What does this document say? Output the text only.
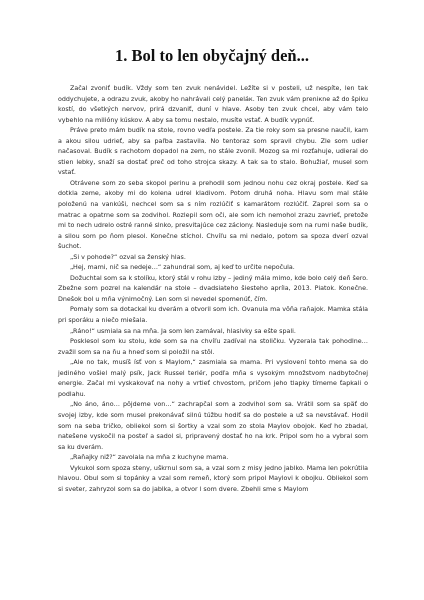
1. Bol to len obyčajný deň...

Začal zvoniť budík. Vždy som ten zvuk nenávidel. Ležíte si v posteli, už nespíte, len tak oddychujete, a odrazu zvuk, akoby ho nahrávali celý paneláк. Ten zvuk vám preniкne až do špiku kostí, do všetkých nervov, prirá dzvaniť, duní v hlave. Asoby ten zvuk chcel, aby vám telo vybehlo na milióny kúskov. A aby sa tomu nestalo, musíte vstať. A budík vypnúť.

Práve preto mám budík na stole, rovno vedľa postele. Za tie roky som sa presne naučil, kam a akou silou udrieť, aby sa paľba zastavila. No tentoraz som spravil chybu. Zle som udier načasoval. Budík s rachotom dopadol na zem, no stále zvonil. Mozog sa mi rozťahuje, udieral do stien lebky, snaží sa dostať preč od toho strojca skazy. A tak sa to stalo. Bohužiaľ, musel som vstať.

Otrávene som zo seba skopol perinu a prehodil som jednou nohu cez okraj postele. Keď sa dotkla zeme, akoby mi do kolena udrel kladivom. Potom druhá noha. Hlavu som mal stále položenú na vankúši, nechcel som sa s ním rozlúčiť s kamarátom rozlúčiť. Zaprel som sa o matrac a opatrne som sa zodvihol. Rozlepil som oči, ale som ich nemohol zrazu zavrieť, pretože mi to nech udrelo ostré ranné slnko, presvitajúce cez záclony. Nasleduje som na rumi naše budík, a silou som po ňom plesol. Konečne stíchol. Chvíľu sa mi nedalo, potom sa spoza dverí ozval šuchot.

„Si v pohode?“ ozval sa ženský hlas.

„Hej, mami, nič sa nedeje…“ zahundral som, aj keď to určite nepočula.

Dožuchtal som sa k stolíku, ktorý stál v rohu izby – jediný mála mimo, kde bolo celý deň šero. Zbežne som pozrel na kalendár na stole – dvadsiateho šiesteho apríla, 2013. Piatok. Konečne. Dnešok bol u mňa výnimočný. Len som si nevedel spomenúť, čím.

Pomaly som sa dotackal ku dverám a otvoril som ich. Ovanula ma vôňa raňajok. Mamka stála pri sporáku a niečo miešala.

„Ráno!“ usmiala sa na mňa. Ja som len zamával, hlasivky sa ešte spali.

Posklesol som ku stolu, kde som sa na chvíľu zadíval na stoličku. Vyzerala tak pohodlne…zvažil som sa na ňu a hneď som si položil na stôl.

„Ale no tak, musíš ísť von s Maylom,“ zasmiala sa mama. Pri vyslovení tohto mena sa do jediného vošiel malý psík, Jack Russel teriér, podľa mňa s vysokým množstvom nadbytočnej energie. Začal mi vyskakovať na nohy a vrtieť chvostom, pričom jeho tlapky tímeme ťapkali o podlahu.

„No áno, áno… pôjdeme von…“ zachrapčal som a zodvihol som sa. Vrátil som sa späť do svojej izby, kde som musel prekonávať silnú túžbu hodiť sa do postele a už sa nevstávať. Hodil som na seba tričko, obliekol som si šortky a vzal som zo stola Maylov obojok. Keď ho zbadal, natešene vyskočil na posteľ a sadol si, pripravený dostať ho na krk. Pripol som ho a vybral som sa ku dverám.

„Raňajky niž?“ zavolala na mňa z kuchyne mama.

Vykukol som spoza steny, uškrnul som sa, a vzal som z misy jedno jablko. Mama len pokrútila hlavou. Obul som si topánky a vzal som remeň, ktorý som pripol Maylovi k obojku. Obliekol som si sveter, zahryzol som sa do jablka, a otvor l som dvere. Zbehli sme s Maylom
